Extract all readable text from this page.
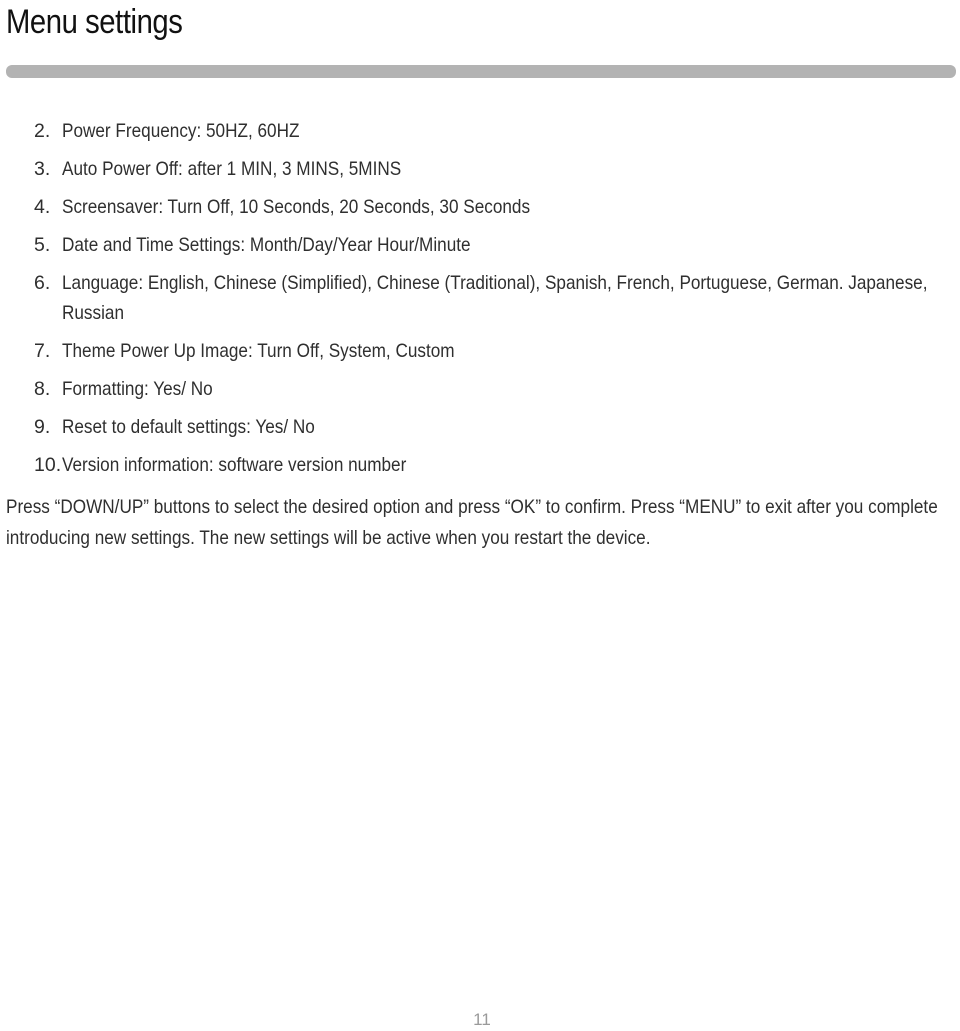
Menu settings
2. Power Frequency: 50HZ, 60HZ
3. Auto Power Off: after 1 MIN, 3 MINS, 5MINS
4. Screensaver: Turn Off, 10 Seconds, 20 Seconds, 30 Seconds
5. Date and Time Settings: Month/Day/Year Hour/Minute
6. Language: English, Chinese (Simplified), Chinese (Traditional), Spanish, French, Portuguese, German. Japanese, Russian
7. Theme Power Up Image: Turn Off, System, Custom
8. Formatting: Yes/ No
9. Reset to default settings: Yes/ No
10. Version information: software version number

Press “DOWN/UP” buttons to select the desired option and press “OK” to confirm. Press “MENU” to exit after you complete introducing new settings. The new settings will be active when you restart the device.

11
